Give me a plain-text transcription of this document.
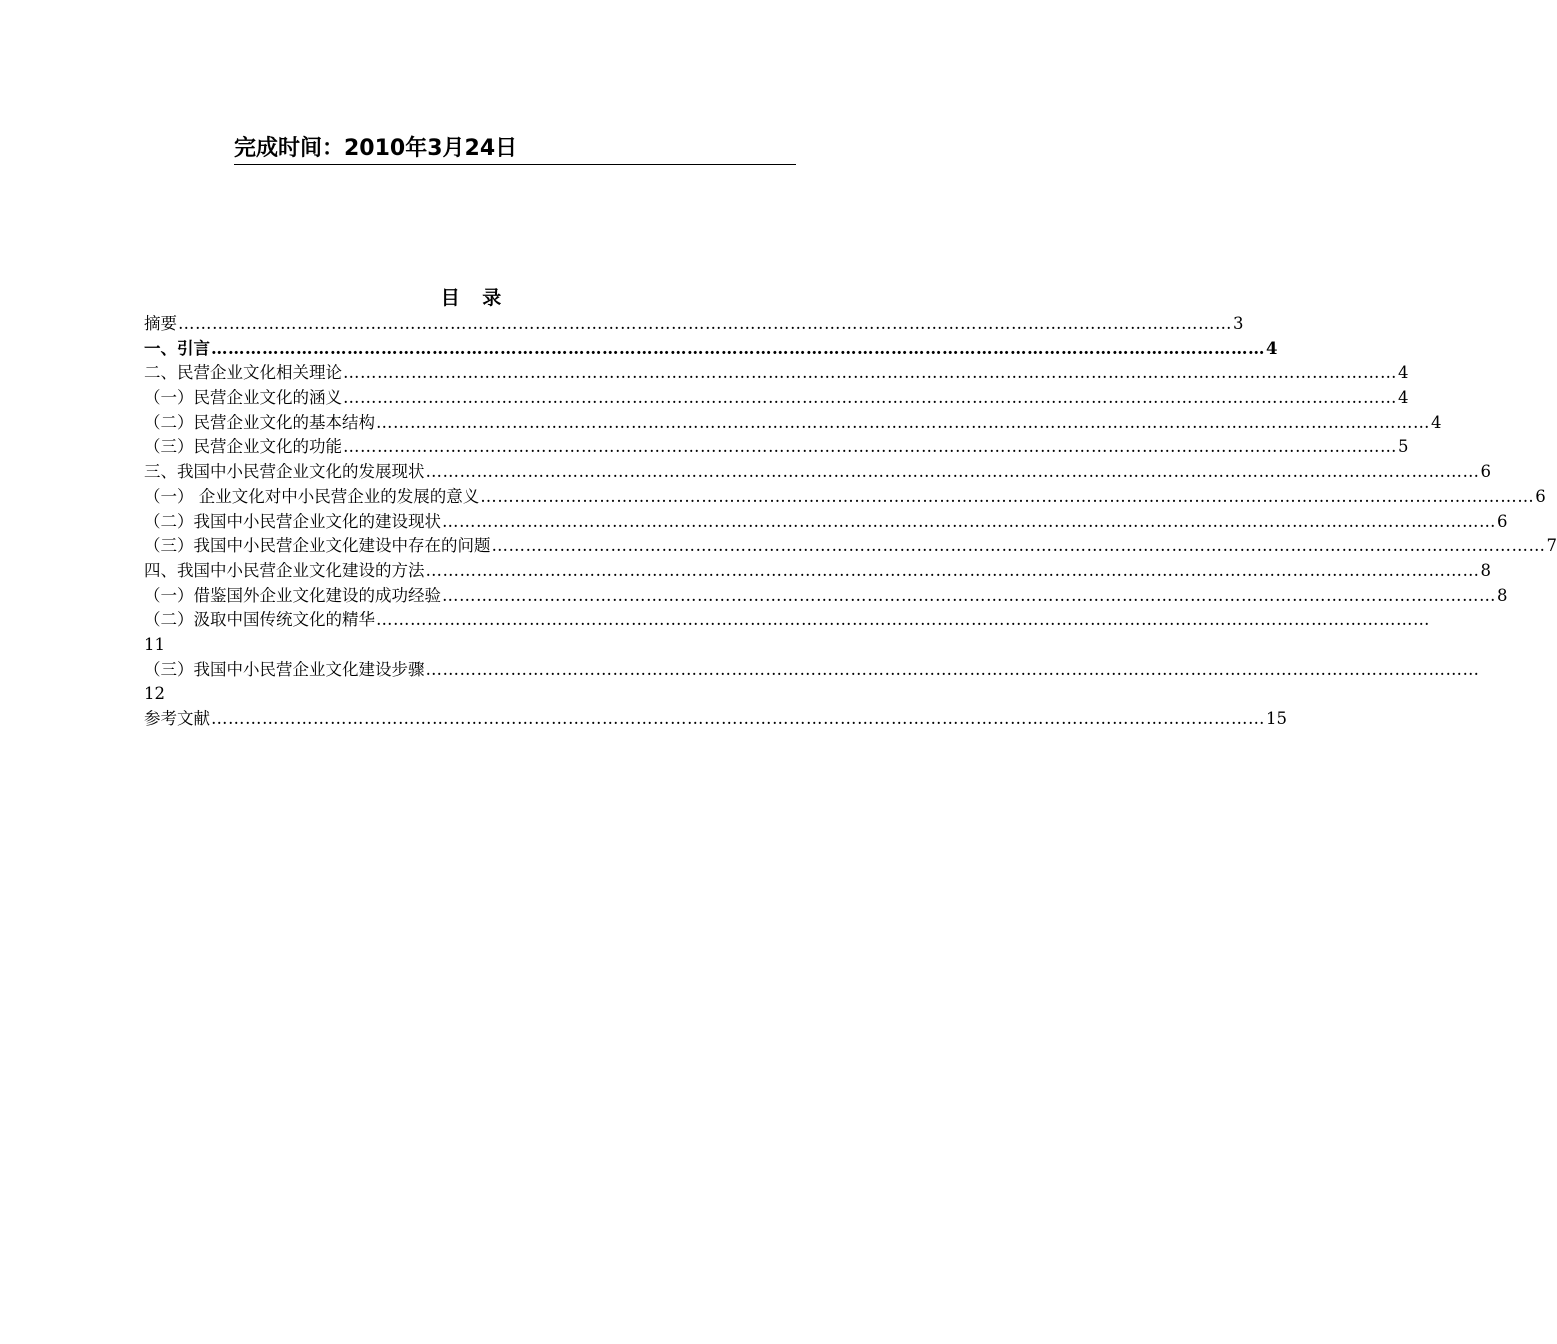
完成时间：2010年3月24日
目 录
摘要 …………………………………………………………………………………………………………………………………………………………………… 3
一、引言 …………………………………………………………………………………………………………………………………………………………………… 4
二、民营企业文化相关理论 …………………………………………………………………………………………………………………………………………………………………… 4
（一）民营企业文化的涵义 …………………………………………………………………………………………………………………………………………………………………… 4
（二）民营企业文化的基本结构 …………………………………………………………………………………………………………………………………………………………………… 4
（三）民营企业文化的功能 …………………………………………………………………………………………………………………………………………………………………… 5
三、我国中小民营企业文化的发展现状 …………………………………………………………………………………………………………………………………………………………………… 6
（一） 企业文化对中小民营企业的发展的意义 …………………………………………………………………………………………………………………………………………………………………… 6
（二）我国中小民营企业文化的建设现状 …………………………………………………………………………………………………………………………………………………………………… 6
（三）我国中小民营企业文化建设中存在的问题 …………………………………………………………………………………………………………………………………………………………………… 7
四、我国中小民营企业文化建设的方法 …………………………………………………………………………………………………………………………………………………………………… 8
（一）借鉴国外企业文化建设的成功经验 …………………………………………………………………………………………………………………………………………………………………… 8
（二）汲取中国传统文化的精华 ……………………………………………………………………………………………………………………………………………………………………
11
（三）我国中小民营企业文化建设步骤 ……………………………………………………………………………………………………………………………………………………………………
12
参考文献 …………………………………………………………………………………………………………………………………………………………………… 15
